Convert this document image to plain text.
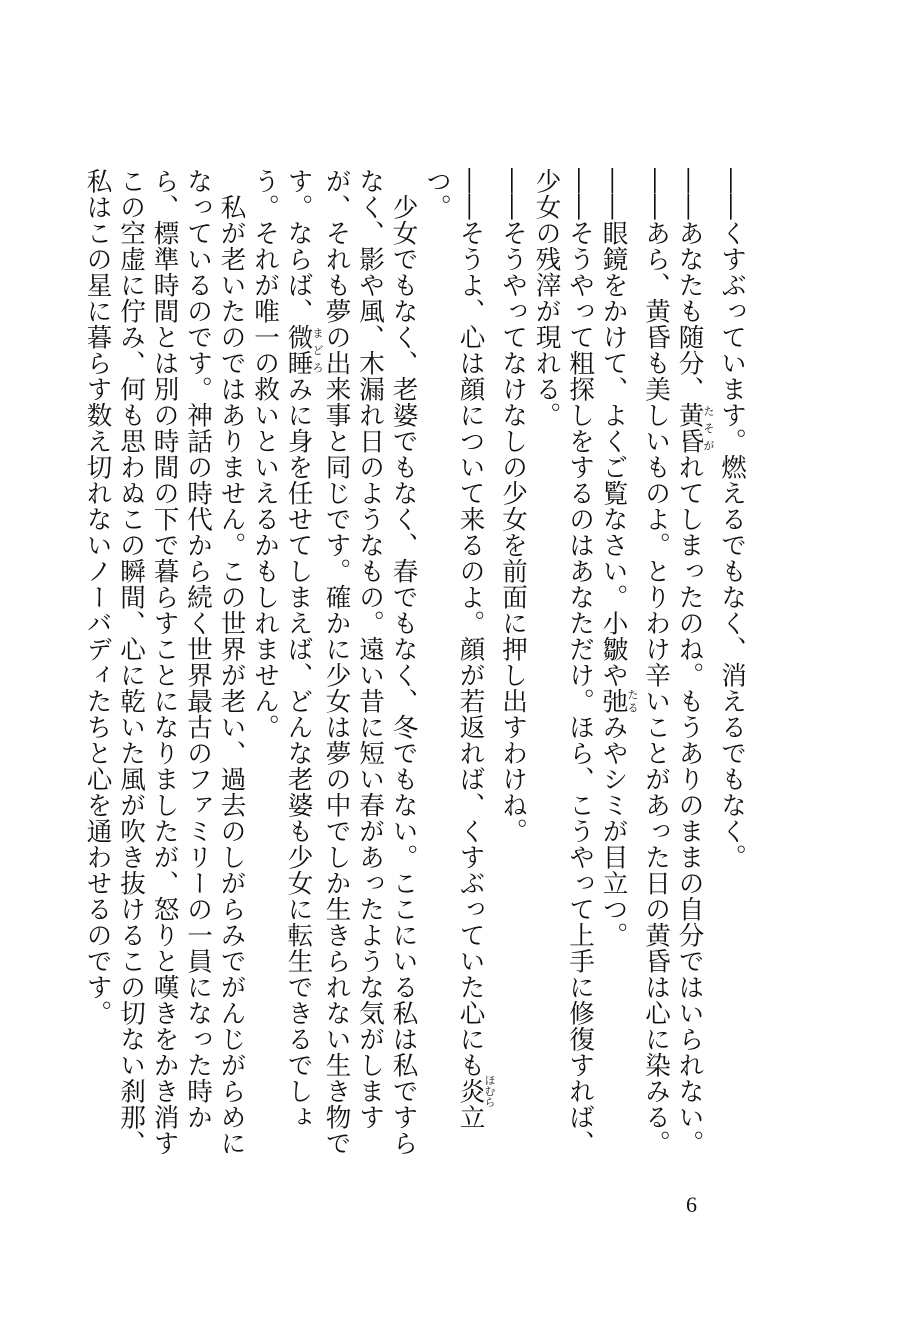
――くすぶっています。燃えるでもなく、消えるでもなく。

――あなたも随分、黄昏たそがれてしまったのね。もうありのままの自分ではいられない。

――あら、黄昏も美しいものよ。とりわけ辛いことがあった日の黄昏は心に染みる。

――眼鏡をかけて、よくご覧なさい。小皺や弛たるみやシミが目立つ。

――そうやって粗探しをするのはあなただけ。ほら、こうやって上手に修復すれば、少女の残滓が現れる。

――そうやってなけなしの少女を前面に押し出すわけね。

――そうよ、心は顔について来るのよ。顔が若返れば、くすぶっていた心にも炎ほむら立つ。

　少女でもなく、老婆でもなく、春でもなく、冬でもない。ここにいる私は私ですらなく、影や風、木漏れ日のようなもの。遠い昔に短い春があったような気がしますが、それも夢の出来事と同じです。確かに少女は夢の中でしか生きられない生き物です。ならば、微睡まどろみに身を任せてしまえば、どんな老婆も少女に転生できるでしょう。それが唯一の救いといえるかもしれません。

　私が老いたのではありません。この世界が老い、過去のしがらみでがんじがらめになっているのです。神話の時代から続く世界最古のファミリーの一員になった時から、標準時間とは別の時間の下で暮らすことになりましたが、怒りと嘆きをかき消すこの空虚に佇み、何も思わぬこの瞬間、心に乾いた風が吹き抜けるこの切ない刹那、私はこの星に暮らす数え切れないノーバディたちと心を通わせるのです。

6
